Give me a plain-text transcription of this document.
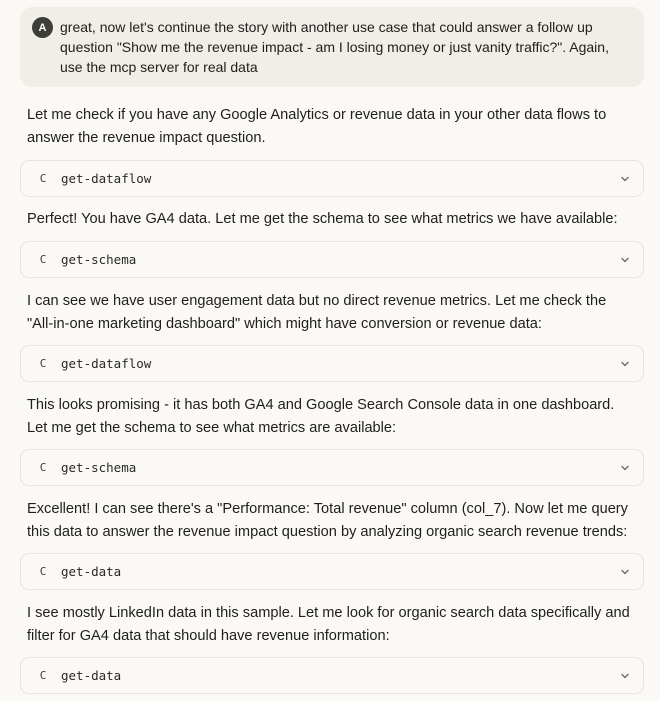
A great, now let's continue the story with another use case that could answer a follow up question "Show me the revenue impact - am I losing money or just vanity traffic?". Again, use the mcp server for real data
Let me check if you have any Google Analytics or revenue data in your other data flows to answer the revenue impact question.
C	get-dataflow
Perfect! You have GA4 data. Let me get the schema to see what metrics we have available:
C	get-schema
I can see we have user engagement data but no direct revenue metrics. Let me check the "All-in-one marketing dashboard" which might have conversion or revenue data:
C	get-dataflow
This looks promising - it has both GA4 and Google Search Console data in one dashboard. Let me get the schema to see what metrics are available:
C	get-schema
Excellent! I can see there's a "Performance: Total revenue" column (col_7). Now let me query this data to answer the revenue impact question by analyzing organic search revenue trends:
C	get-data
I see mostly LinkedIn data in this sample. Let me look for organic search data specifically and filter for GA4 data that should have revenue information:
C	get-data
